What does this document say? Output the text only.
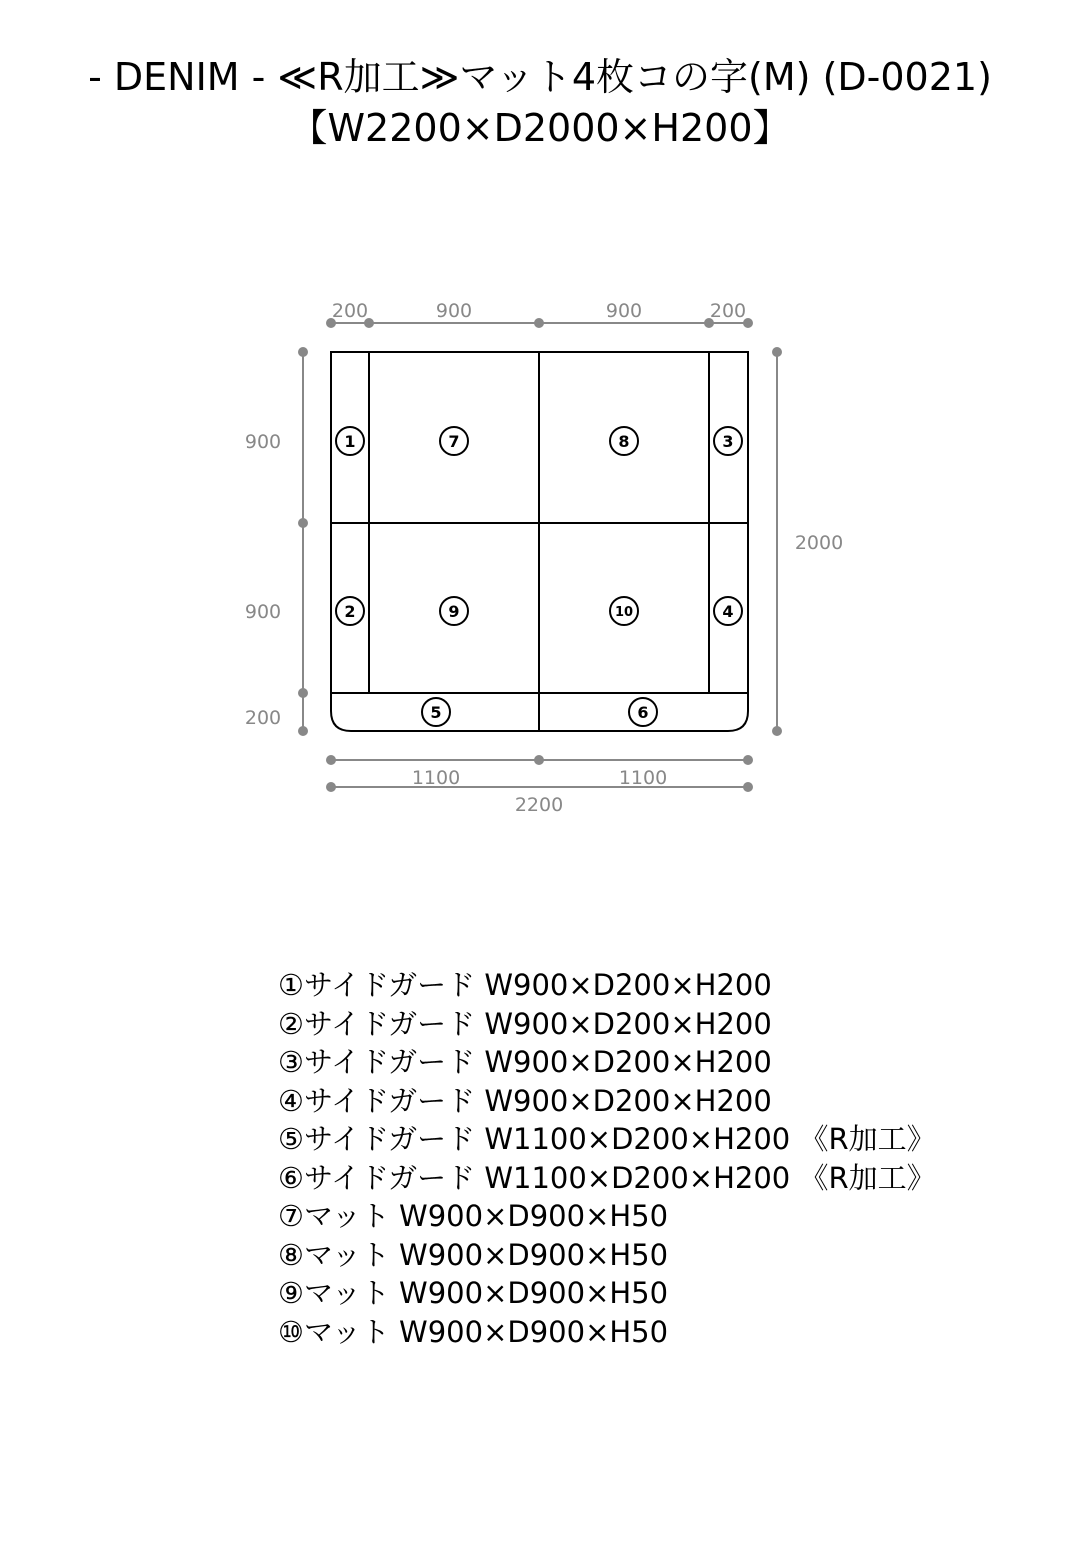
- DENIM - ≪R加工≫マット4枚コの字(M) (D-0021)
【W2200×D2000×H200】
200	900	900	200
900
900
200
2000
1100	1100
2200
1
2
3
4
5	6
7	8
9	10
①サイドガード W900×D200×H200
②サイドガード W900×D200×H200
③サイドガード W900×D200×H200
④サイドガード W900×D200×H200
⑤サイドガード W1100×D200×H200 《R加工》
⑥サイドガード W1100×D200×H200 《R加工》
⑦マット W900×D900×H50
⑧マット W900×D900×H50
⑨マット W900×D900×H50
⑩マット W900×D900×H50
